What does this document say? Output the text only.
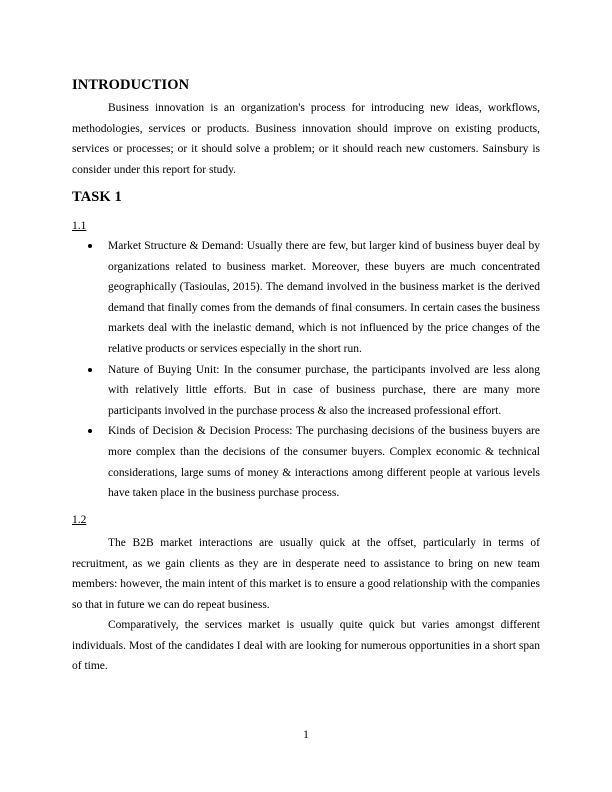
INTRODUCTION

Business innovation is an organization's process for introducing new ideas, workflows, methodologies, services or products. Business innovation should improve on existing products, services or processes; or it should solve a problem; or it should reach new customers. Sainsbury is consider under this report for study.

TASK 1

1.1

Market Structure & Demand: Usually there are few, but larger kind of business buyer deal by organizations related to business market. Moreover, these buyers are much concentrated geographically (Tasioulas, 2015). The demand involved in the business market is the derived demand that finally comes from the demands of final consumers. In certain cases the business markets deal with the inelastic demand, which is not influenced by the price changes of the relative products or services especially in the short run.
Nature of Buying Unit: In the consumer purchase, the participants involved are less along with relatively little efforts. But in case of business purchase, there are many more participants involved in the purchase process & also the increased professional effort.
Kinds of Decision & Decision Process: The purchasing decisions of the business buyers are more complex than the decisions of the consumer buyers. Complex economic & technical considerations, large sums of money & interactions among different people at various levels have taken place in the business purchase process.

1.2

The B2B market interactions are usually quick at the offset, particularly in terms of recruitment, as we gain clients as they are in desperate need to assistance to bring on new team members: however, the main intent of this market is to ensure a good relationship with the companies so that in future we can do repeat business.

Comparatively, the services market is usually quite quick but varies amongst different individuals. Most of the candidates I deal with are looking for numerous opportunities in a short span of time.

1
